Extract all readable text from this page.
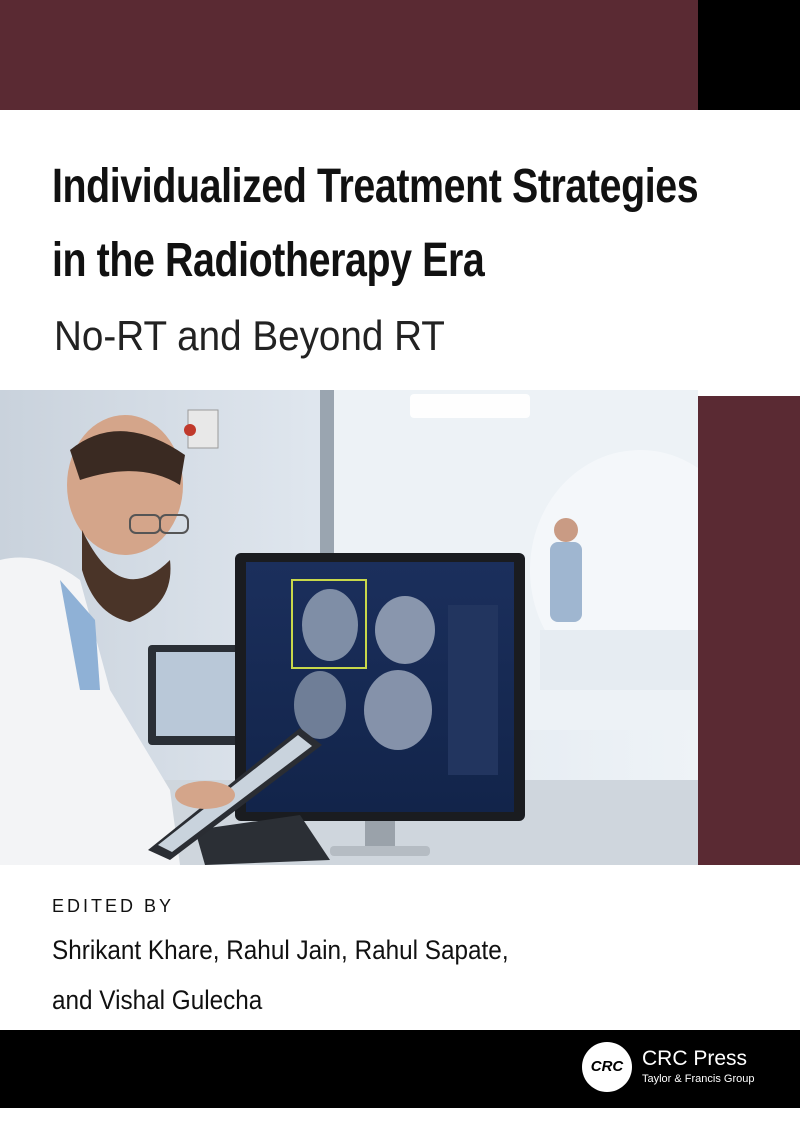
Individualized Treatment Strategies
in the Radiotherapy Era
No-RT and Beyond RT
EDITED BY
Shrikant Khare, Rahul Jain, Rahul Sapate,
and Vishal Gulecha
CRC CRC Press
Taylor & Francis Group
